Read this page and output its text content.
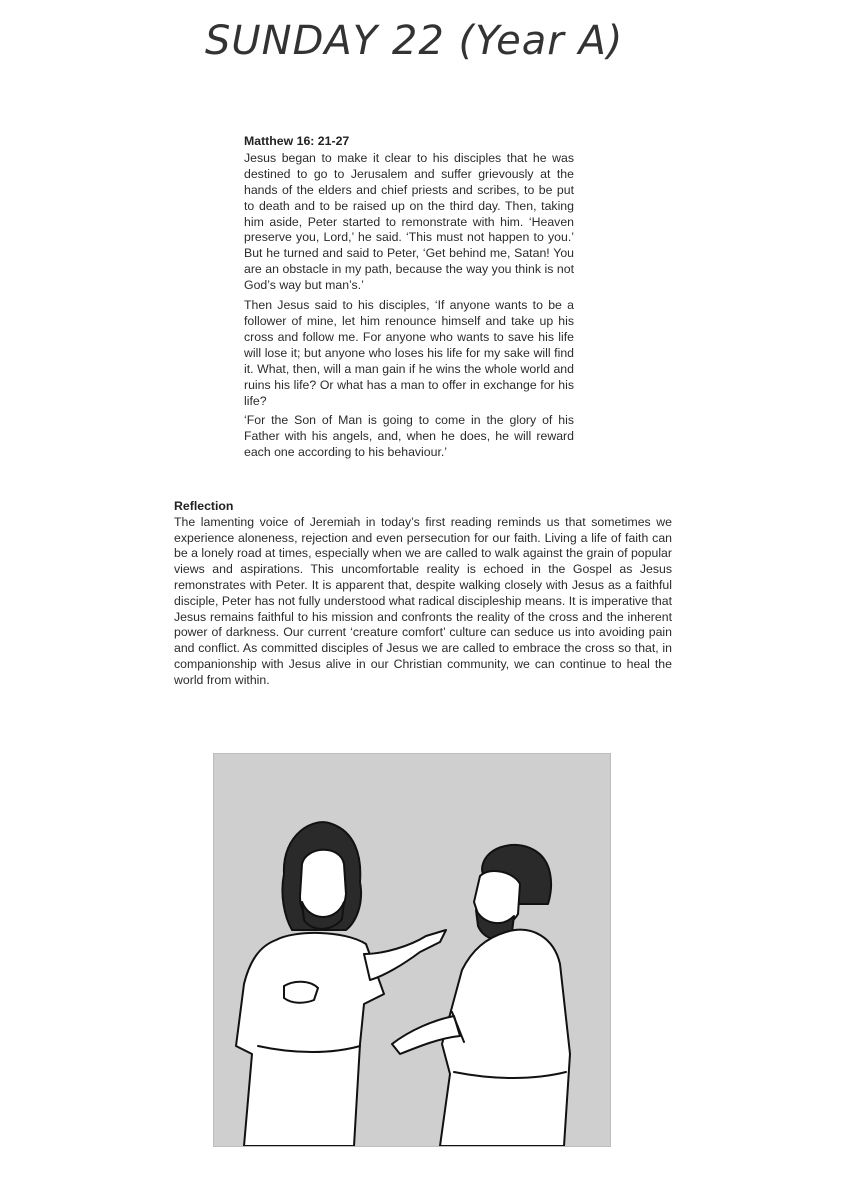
SUNDAY 22 (Year A)
Matthew 16: 21-27

Jesus began to make it clear to his disciples that he was destined to go to Jerusalem and suffer grievously at the hands of the elders and chief priests and scribes, to be put to death and to be raised up on the third day. Then, taking him aside, Peter started to remonstrate with him. ‘Heaven preserve you, Lord,’ he said. ‘This must not happen to you.’ But he turned and said to Peter, ‘Get behind me, Satan! You are an obstacle in my path, because the way you think is not God’s way but man’s.’

Then Jesus said to his disciples, ‘If anyone wants to be a follower of mine, let him renounce himself and take up his cross and follow me. For anyone who wants to save his life will lose it; but anyone who loses his life for my sake will find it. What, then, will a man gain if he wins the whole world and ruins his life? Or what has a man to offer in exchange for his life?

‘For the Son of Man is going to come in the glory of his Father with his angels, and, when he does, he will reward each one according to his behaviour.’

Reflection

The lamenting voice of Jeremiah in today’s first reading reminds us that sometimes we experience aloneness, rejection and even persecution for our faith. Living a life of faith can be a lonely road at times, especially when we are called to walk against the grain of popular views and aspirations. This uncomfortable reality is echoed in the Gospel as Jesus remonstrates with Peter. It is apparent that, despite walking closely with Jesus as a faithful disciple, Peter has not fully understood what radical discipleship means. It is imperative that Jesus remains faithful to his mission and confronts the reality of the cross and the inherent power of darkness. Our current ‘creature comfort’ culture can seduce us into avoiding pain and conflict. As committed disciples of Jesus we are called to embrace the cross so that, in companionship with Jesus alive in our Christian community, we can continue to heal the world from within.
